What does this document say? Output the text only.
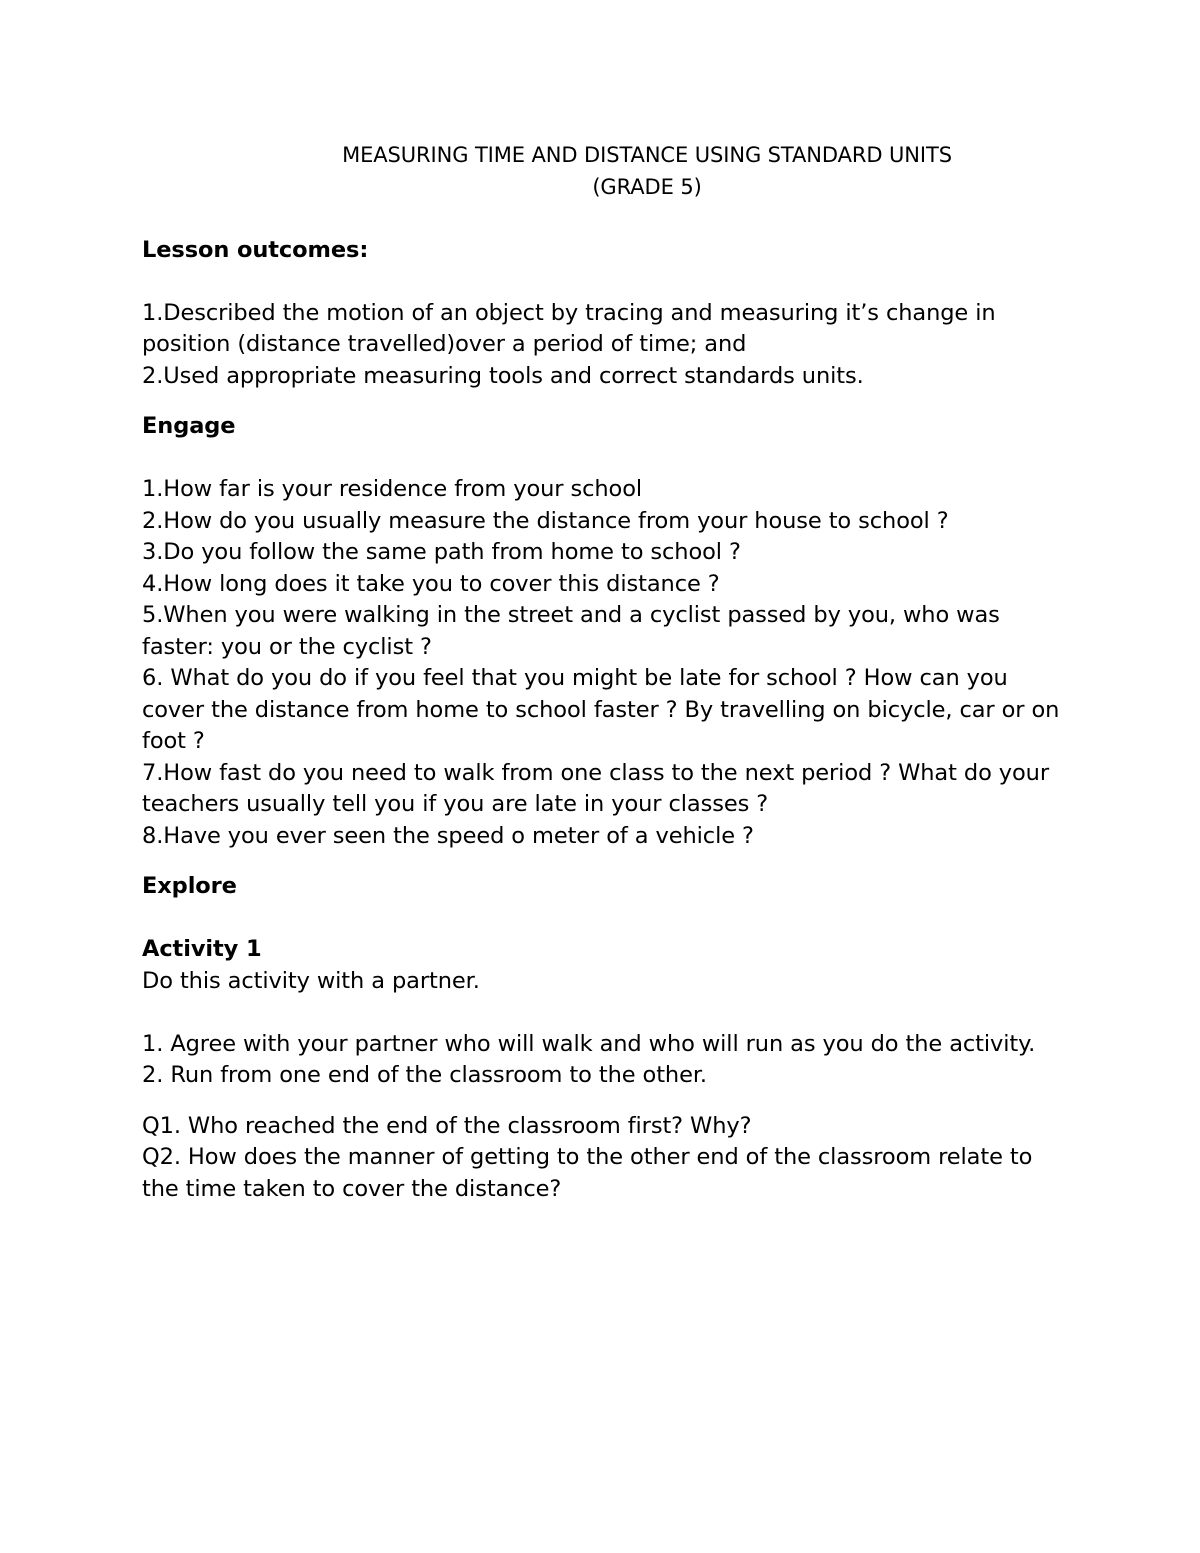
MEASURING TIME AND DISTANCE USING STANDARD UNITS
(GRADE 5)
Lesson outcomes:
1.Described the motion of an object by tracing and measuring it’s change in position (distance travelled)over a period of time; and
2.Used appropriate measuring tools and correct standards units.
Engage
1.How far is your residence from your school
2.How do you usually measure the distance from your house to school ?
3.Do you follow the same path from home to school ?
4.How long does it take you to cover this distance ?
5.When you were walking in the street and a cyclist passed by you, who was faster: you or the cyclist ?
6. What do you do if you feel that you might be late for school ? How can you cover the distance from home to school faster ? By travelling on bicycle, car or on foot ?
7.How fast do you need to walk from one class to the next period ? What do your teachers usually tell you if you are late in your classes ?
8.Have you ever seen the speed o meter of a vehicle ?
Explore
Activity 1
Do this activity with a partner.
1. Agree with your partner who will walk and who will run as you do the activity.
2. Run from one end of the classroom to the other.
Q1. Who reached the end of the classroom first? Why?
Q2. How does the manner of getting to the other end of the classroom relate to the time taken to cover the distance?
